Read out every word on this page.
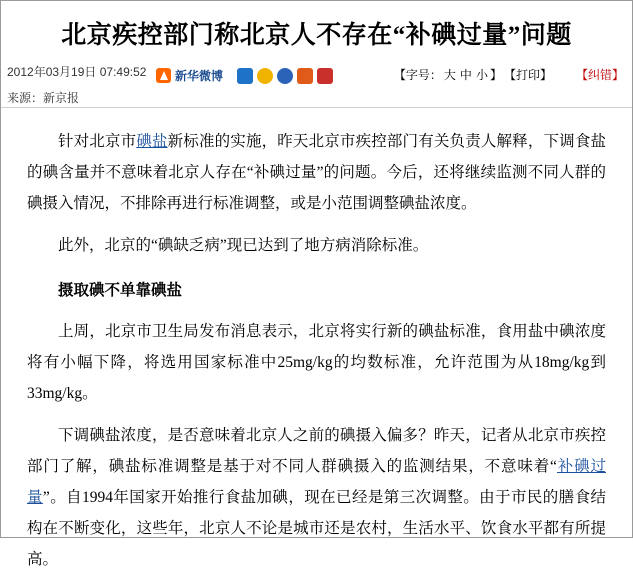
北京疾控部门称北京人不存在“补碘过量”问题
2012年03月19日 07:49:52
来源：新京报
新华微博	【字号： 大 中 小 】 【打印】	【纠错】

针对北京市碘盐新标准的实施，昨天北京市疾控部门有关负责人解释，下调食盐的碘含量并不意味着北京人存在“补碘过量”的问题。今后，还将继续监测不同人群的碘摄入情况，不排除再进行标准调整，或是小范围调整碘盐浓度。

此外，北京的“碘缺乏病”现已达到了地方病消除标准。

摄取碘不单靠碘盐

上周，北京市卫生局发布消息表示，北京将实行新的碘盐标准，食用盐中碘浓度将有小幅下降，将选用国家标准中25mg/kg的均数标准，允许范围为从18mg/kg到33mg/kg。

下调碘盐浓度，是否意味着北京人之前的碘摄入偏多？昨天，记者从北京市疾控部门了解，碘盐标准调整是基于对不同人群碘摄入的监测结果，不意味着“补碘过量”。自1994年国家开始推行食盐加碘，现在已经是第三次调整。由于市民的膳食结构在不断变化，这些年，北京人不论是城市还是农村，生活水平、饮食水平都有所提高。
